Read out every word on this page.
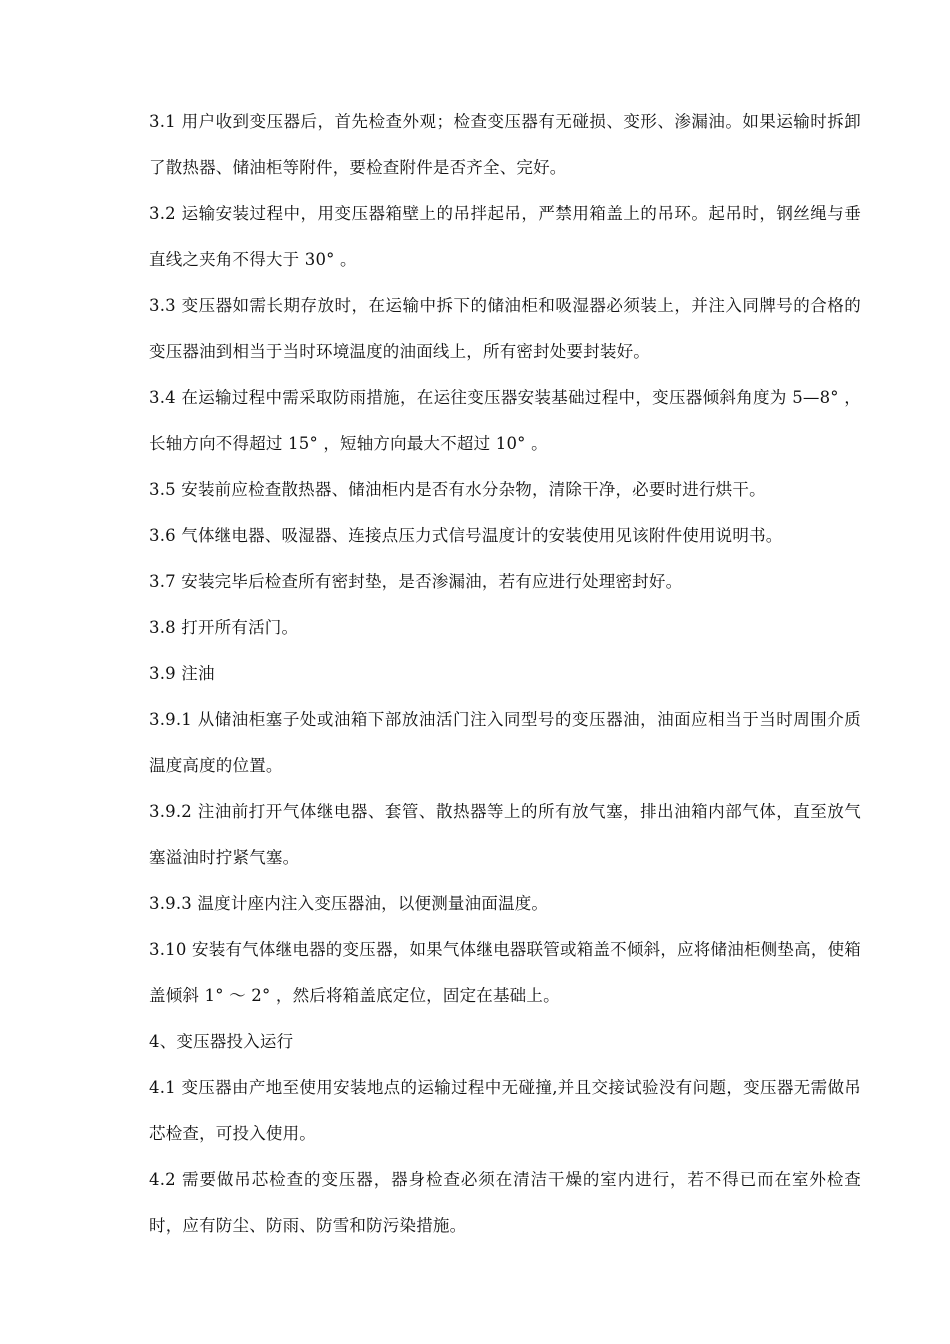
3.1 用户收到变压器后，首先检查外观；检查变压器有无碰损、变形、渗漏油。如果运输时拆卸了散热器、储油柜等附件，要检查附件是否齐全、完好。

3.2 运输安装过程中，用变压器箱壁上的吊拌起吊，严禁用箱盖上的吊环。起吊时，钢丝绳与垂直线之夹角不得大于 30° 。

3.3 变压器如需长期存放时，在运输中拆下的储油柜和吸湿器必须装上，并注入同牌号的合格的变压器油到相当于当时环境温度的油面线上，所有密封处要封装好。

3.4 在运输过程中需采取防雨措施，在运往变压器安装基础过程中，变压器倾斜角度为 5—8° ，长轴方向不得超过 15° ，短轴方向最大不超过 10° 。

3.5 安装前应检查散热器、储油柜内是否有水分杂物，清除干净，必要时进行烘干。

3.6 气体继电器、吸湿器、连接点压力式信号温度计的安装使用见该附件使用说明书。

3.7 安装完毕后检查所有密封垫，是否渗漏油，若有应进行处理密封好。

3.8 打开所有活门。

3.9 注油

3.9.1 从储油柜塞子处或油箱下部放油活门注入同型号的变压器油，油面应相当于当时周围介质温度高度的位置。

3.9.2 注油前打开气体继电器、套管、散热器等上的所有放气塞，排出油箱内部气体，直至放气塞溢油时拧紧气塞。

3.9.3 温度计座内注入变压器油，以便测量油面温度。

3.10 安装有气体继电器的变压器，如果气体继电器联管或箱盖不倾斜，应将储油柜侧垫高，使箱盖倾斜 1° ～ 2° ，然后将箱盖底定位，固定在基础上。

4、变压器投入运行

4.1 变压器由产地至使用安装地点的运输过程中无碰撞,并且交接试验没有问题，变压器无需做吊芯检查，可投入使用。

4.2 需要做吊芯检查的变压器，器身检查必须在清洁干燥的室内进行，若不得已而在室外检查时，应有防尘、防雨、防雪和防污染措施。
